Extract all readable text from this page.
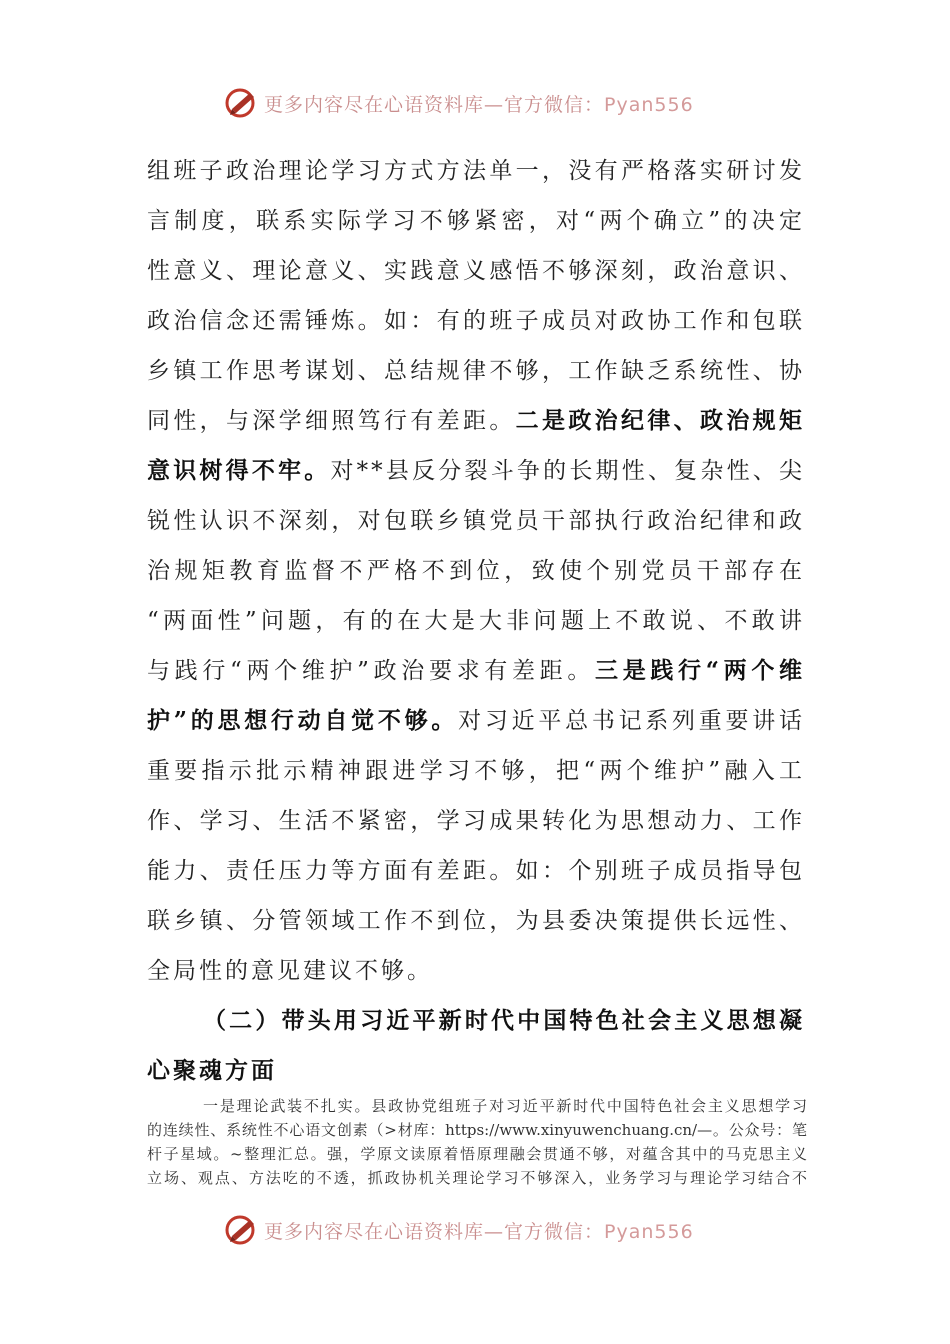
更多内容尽在心语资料库—官方微信：Pyan556
组班子政治理论学习方式方法单一，没有严格落实研讨发
言制度，联系实际学习不够紧密，对“两个确立”的决定
性意义、理论意义、实践意义感悟不够深刻，政治意识、
政治信念还需锤炼。如：有的班子成员对政协工作和包联
乡镇工作思考谋划、总结规律不够，工作缺乏系统性、协
同性，与深学细照笃行有差距。二是政治纪律、政治规矩
意识树得不牢。对**县反分裂斗争的长期性、复杂性、尖
锐性认识不深刻，对包联乡镇党员干部执行政治纪律和政
治规矩教育监督不严格不到位，致使个别党员干部存在
“两面性”问题，有的在大是大非问题上不敢说、不敢讲
与践行“两个维护”政治要求有差距。三是践行“两个维
护”的思想行动自觉不够。对习近平总书记系列重要讲话
重要指示批示精神跟进学习不够，把“两个维护”融入工
作、学习、生活不紧密，学习成果转化为思想动力、工作
能力、责任压力等方面有差距。如：个别班子成员指导包
联乡镇、分管领域工作不到位，为县委决策提供长远性、
全局性的意见建议不够。
（二）带头用习近平新时代中国特色社会主义思想凝
心聚魂方面
一是理论武装不扎实。县政协党组班子对习近平新时代中国特色社会主义思想学习
的连续性、系统性不心语文创素（>材库：https://www.xinyuwenchuang.cn/—。公众号：笔
杆子星域。~整理汇总。强，学原文读原着悟原理融会贯通不够，对蕴含其中的马克思主义
立场、观点、方法吃的不透，抓政协机关理论学习不够深入，业务学习与理论学习结合不
更多内容尽在心语资料库—官方微信：Pyan556
